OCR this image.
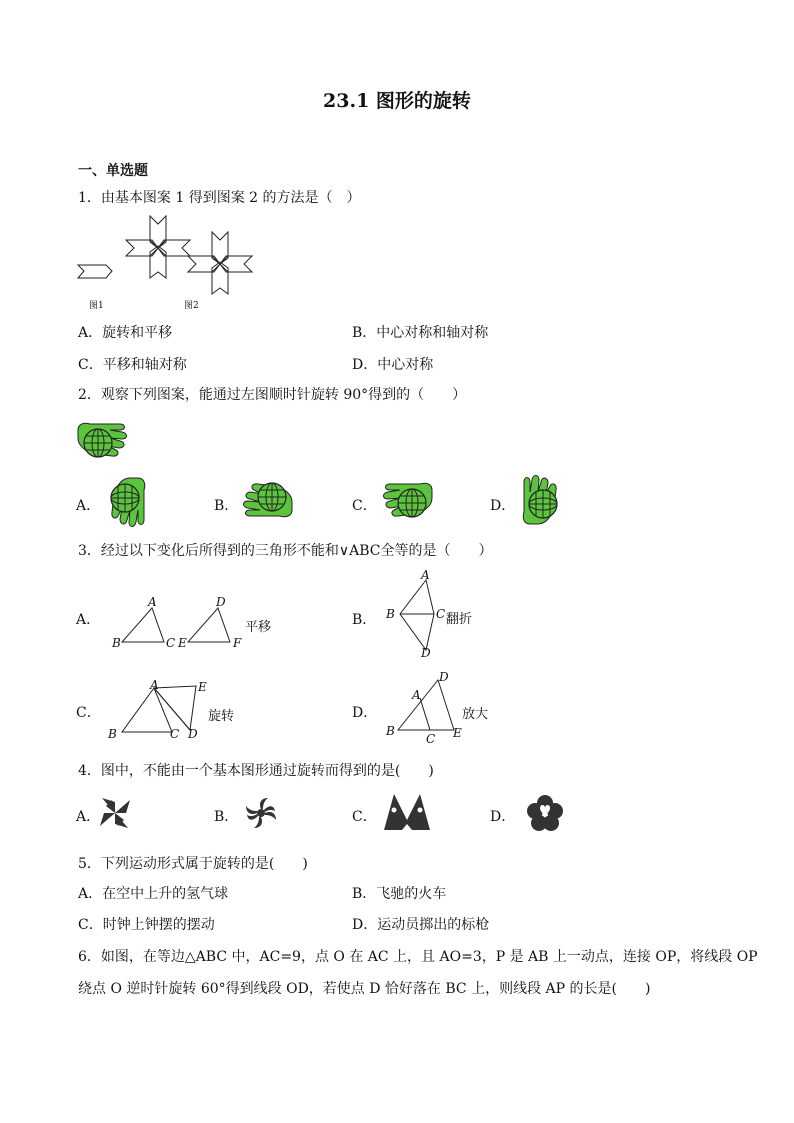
23.1 图形的旋转
一、单选题
1．由基本图案 1 得到图案 2 的方法是（　）
图1	图2
A．旋转和平移	B．中心对称和轴对称
C．平移和轴对称	D．中心对称
2．观察下列图案，能通过左图顺时针旋转 90°得到的（　　）
A．	B．	C．	D．
3．经过以下变化后所得到的三角形不能和∨ABC全等的是（　　）
A．
A
B	C E
D
F
平移	B．
A
B	C
D
翻折
C．
A
B	C D
E
旋转	D．
D
A
B
C E
放大
4．图中，不能由一个基本图形通过旋转而得到的是(　　)
A．	B．	C．	D．
5．下列运动形式属于旋转的是(　　)
A．在空中上升的氢气球	B．飞驰的火车
C．时钟上钟摆的摆动	D．运动员掷出的标枪
6．如图，在等边△ABC 中，AC=9，点 O 在 AC 上，且 AO=3，P 是 AB 上一动点，连接 OP，将线段 OP
绕点 O 逆时针旋转 60°得到线段 OD，若使点 D 恰好落在 BC 上，则线段 AP 的长是(　　)
